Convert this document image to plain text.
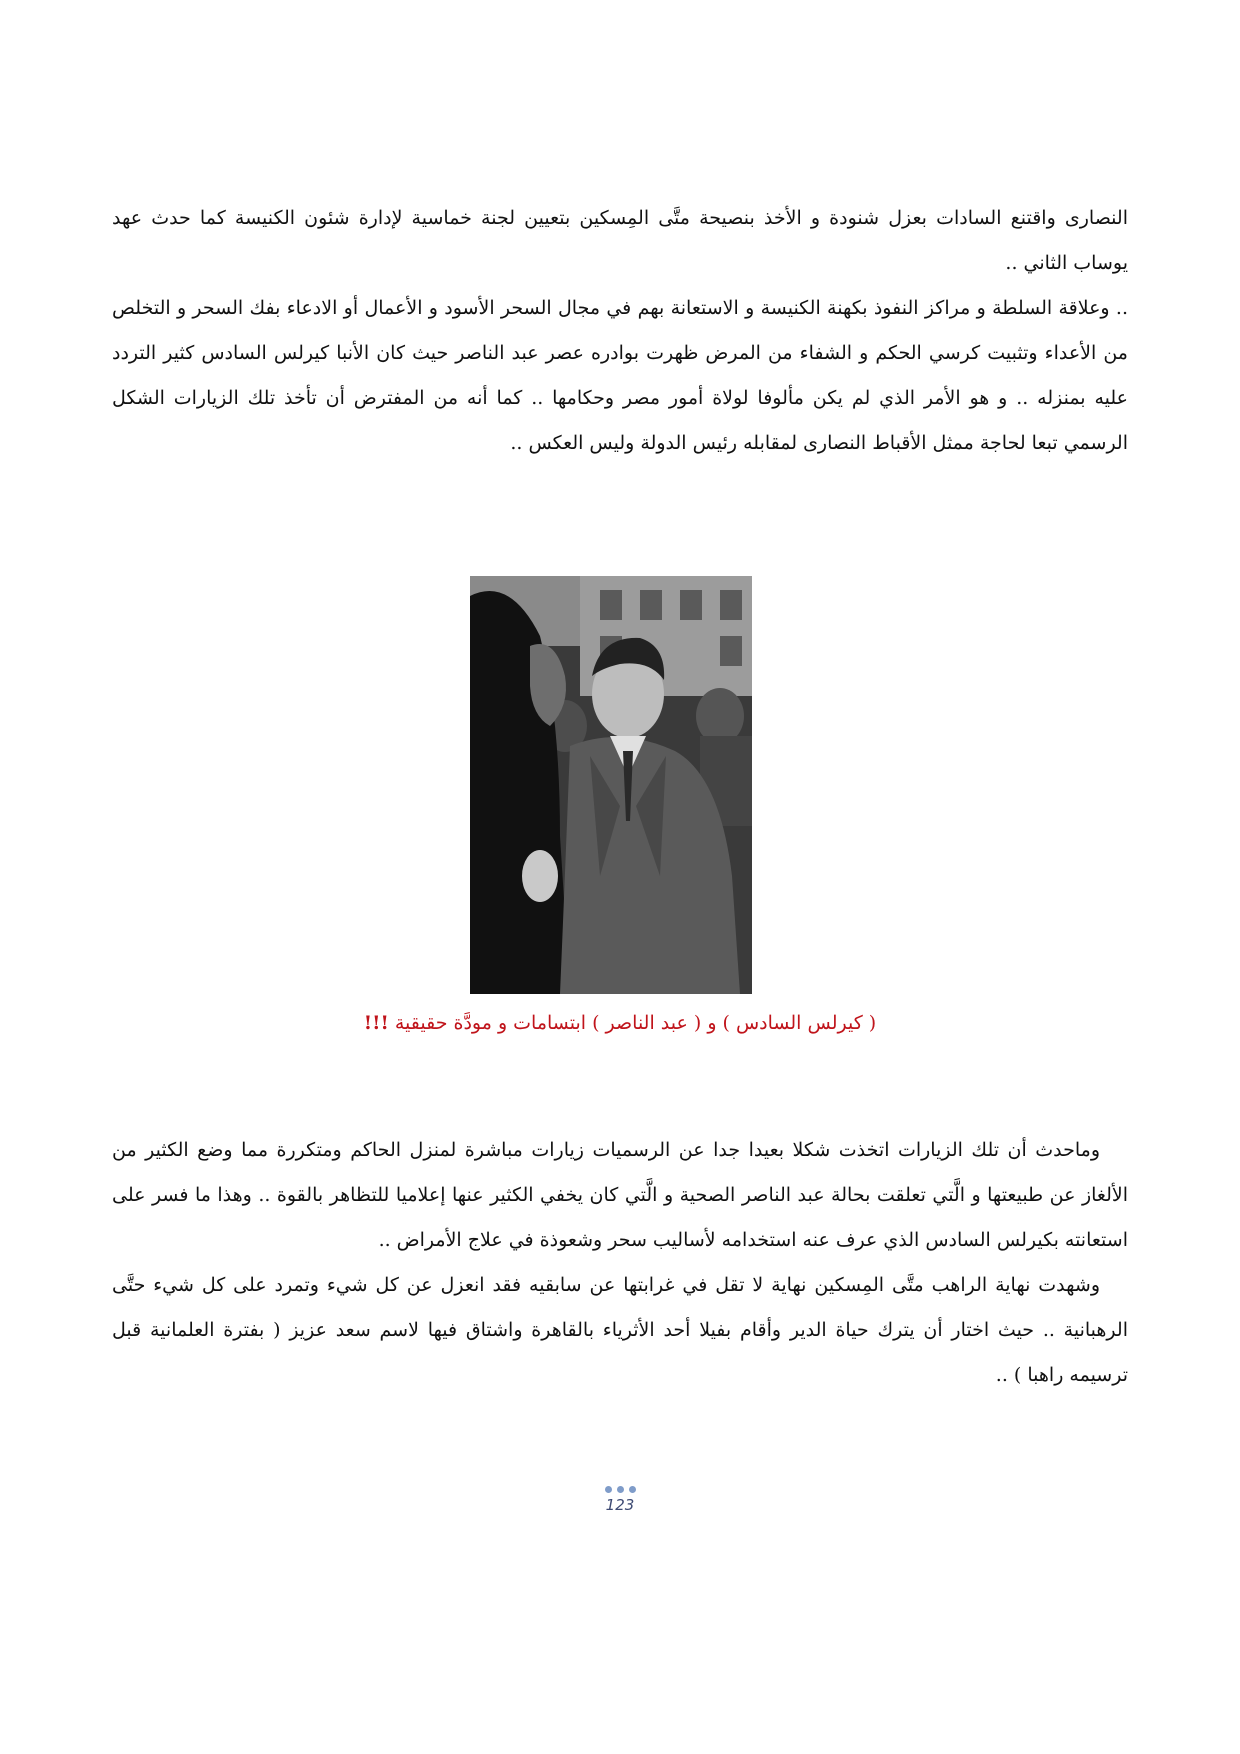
النصارى واقتنع السادات بعزل شنودة و الأخذ بنصيحة متَّى المِسكين بتعيين لجنة خماسية لإدارة شئون الكنيسة كما حدث عهد يوساب الثاني ..

.. وعلاقة السلطة و مراكز النفوذ بكهنة الكنيسة و الاستعانة بهم في مجال السحر الأسود و الأعمال أو الادعاء بفك السحر و التخلص من الأعداء وتثبيت كرسي الحكم و الشفاء من المرض ظهرت بوادره عصر عبد الناصر حيث كان الأنبا كيرلس السادس كثير التردد عليه بمنزله .. و هو الأمر الذي لم يكن مألوفا لولاة أمور مصر وحكامها .. كما أنه من المفترض أن تأخذ تلك الزيارات الشكل الرسمي تبعا لحاجة ممثل الأقباط النصارى لمقابله رئيس الدولة وليس العكس ..

( كيرلس السادس ) و ( عبد الناصر ) ابتسامات و مودَّة حقيقية !!!

وماحدث أن تلك الزيارات اتخذت شكلا بعيدا جدا عن الرسميات زيارات مباشرة لمنزل الحاكم ومتكررة مما وضع الكثير من الألغاز عن طبيعتها و الَّتي تعلقت بحالة عبد الناصر الصحية و الَّتي كان يخفي الكثير عنها إعلاميا للتظاهر بالقوة .. وهذا ما فسر على استعانته بكيرلس السادس الذي عرف عنه استخدامه لأساليب سحر وشعوذة في علاج الأمراض ..

وشهدت نهاية الراهب متَّى المِسكين نهاية لا تقل في غرابتها عن سابقيه فقد انعزل عن كل شيء وتمرد على كل شيء حتَّى الرهبانية .. حيث اختار أن يترك حياة الدير وأقام بفيلا أحد الأثرياء بالقاهرة واشتاق فيها لاسم سعد عزيز ( بفترة العلمانية قبل ترسيمه راهبا ) ..

123
